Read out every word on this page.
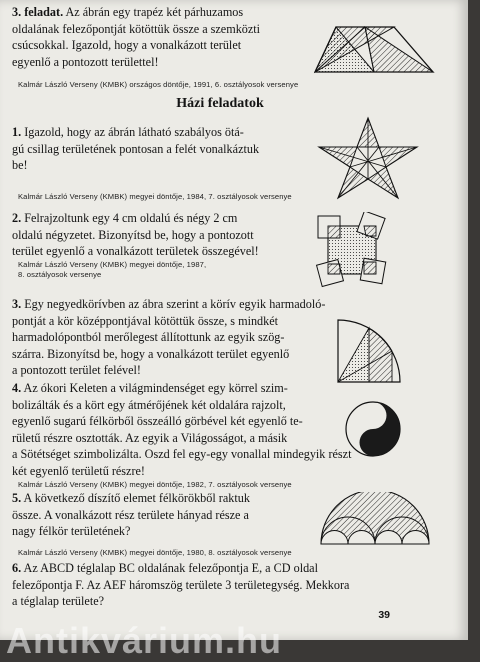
3. feladat. Az ábrán egy trapéz két párhuzamos

oldalának felezőpontját kötöttük össze a szemközti

csúcsokkal. Igazold, hogy a vonalkázott terület

egyenlő a pontozott területtel!

Kalmár László Verseny (KMBK) országos döntője, 1991, 6. osztályosok versenye
Házi feladatok

1. Igazold, hogy az ábrán látható szabályos ötá-

gú csillag területének pontosan a felét vonalkáztuk

be!

Kalmár László Verseny (KMBK) megyei döntője, 1984, 7. osztályosok versenye

2. Felrajzoltunk egy 4 cm oldalú és négy 2 cm

oldalú négyzetet. Bizonyítsd be, hogy a pontozott

terület egyenlő a vonalkázott területek összegével!

Kalmár László Verseny (KMBK) megyei döntője, 1987,
8. osztályosok versenye

3. Egy negyedkörívben az ábra szerint a körív egyik harmadoló-

pontját a kör középpontjával kötöttük össze, s mindkét

harmadolópontból merőlegest állítottunk az egyik szög-

szárra. Bizonyítsd be, hogy a vonalkázott terület egyenlő

a pontozott terület felével!

4. Az ókori Keleten a világmindenséget egy körrel szim-

bolizálták és a kört egy átmérőjének két oldalára rajzolt,

egyenlő sugarú félkörből összeálló görbével két egyenlő te-

rületű részre osztották. Az egyik a Világosságot, a másik

a Sötétséget szimbolizálta. Oszd fel egy-egy vonallal mindegyik részt

két egyenlő területű részre!

Kalmár László Verseny (KMBK) megyei döntője, 1982, 7. osztályosok versenye

5. A következő díszítő elemet félkörökből raktuk

össze. A vonalkázott rész területe hányad része a

nagy félkör területének?

Kalmár László Verseny (KMBK) megyei döntője, 1980, 8. osztályosok versenye

6. Az ABCD téglalap BC oldalának felezőpontja E, a CD oldal

felezőpontja F. Az AEF háromszög területe 3 területegység. Mekkora

a téglalap területe?

39
Antikvárium.hu
